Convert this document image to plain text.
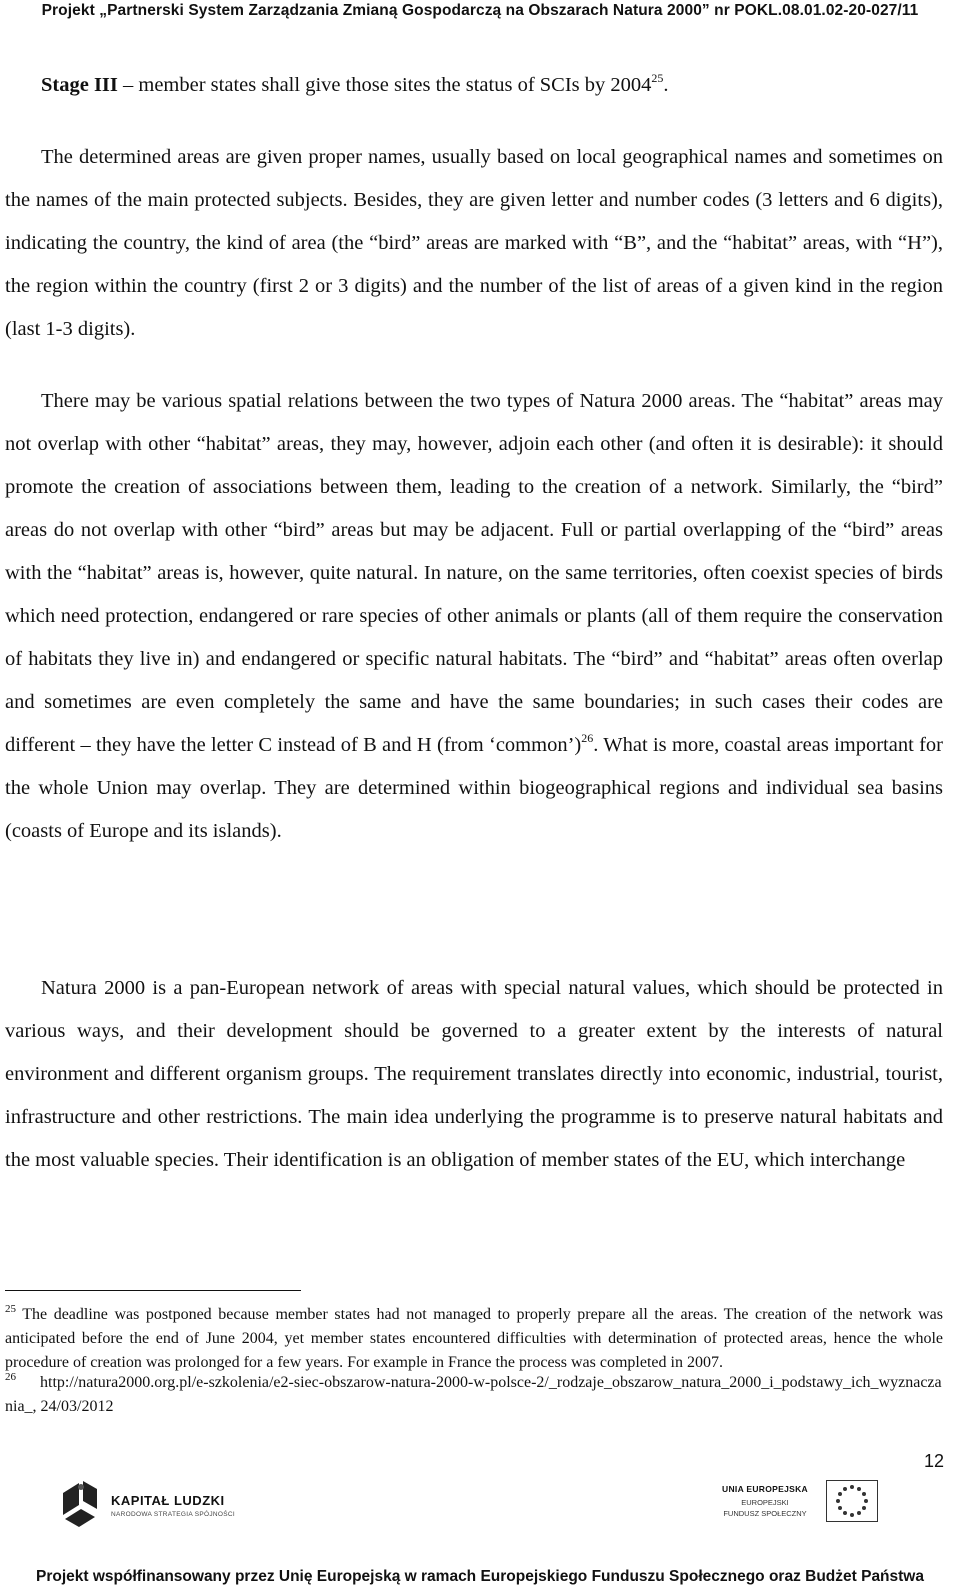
Projekt „Partnerski System Zarządzania Zmianą Gospodarczą na Obszarach Natura 2000” nr POKL.08.01.02-20-027/11

Stage III – member states shall give those sites the status of SCIs by 2004$^{25}$.

The determined areas are given proper names, usually based on local geographical names and sometimes on the names of the main protected subjects. Besides, they are given letter and number codes (3 letters and 6 digits), indicating the country, the kind of area (the “bird” areas are marked with “B”, and the “habitat” areas, with “H”), the region within the country (first 2 or 3 digits) and the number of the list of areas of a given kind in the region (last 1-3 digits).

There may be various spatial relations between the two types of Natura 2000 areas. The “habitat” areas may not overlap with other “habitat” areas, they may, however, adjoin each other (and often it is desirable): it should promote the creation of associations between them, leading to the creation of a network. Similarly, the “bird” areas do not overlap with other “bird” areas but may be adjacent. Full or partial overlapping of the “bird” areas with the “habitat” areas is, however, quite natural. In nature, on the same territories, often coexist species of birds which need protection, endangered or rare species of other animals or plants (all of them require the conservation of habitats they live in) and endangered or specific natural habitats. The “bird” and “habitat” areas often overlap and sometimes are even completely the same and have the same boundaries; in such cases their codes are different – they have the letter C instead of B and H (from ‘common’)$^{26}$. What is more, coastal areas important for the whole Union may overlap. They are determined within biogeographical regions and individual sea basins (coasts of Europe and its islands).

Natura 2000 is a pan-European network of areas with special natural values, which should be protected in various ways, and their development should be governed to a greater extent by the interests of natural environment and different organism groups. The requirement translates directly into economic, industrial, tourist, infrastructure and other restrictions. The main idea underlying the programme is to preserve natural habitats and the most valuable species. Their identification is an obligation of member states of the EU, which interchange

$^{25}$ The deadline was postponed because member states had not managed to properly prepare all the areas. The creation of the network was anticipated before the end of June 2004, yet member states encountered difficulties with determination of protected areas, hence the whole procedure of creation was prolonged for a few years. For example in France the process was completed in 2007.

$^{26}$      http://natura2000.org.pl/e-szkolenia/e2-siec-obszarow-natura-2000-w-polsce-2/_rodzaje_obszarow_natura_2000_i_podstawy_ich_wyznaczania_, 24/03/2012

12
KAPITAŁ LUDZKI
NARODOWA STRATEGIA SPÓJNOŚCI
UNIA EUROPEJSKA
EUROPEJSKI
FUNDUSZ SPOŁECZNY
Projekt współfinansowany przez Unię Europejską w ramach Europejskiego Funduszu Społecznego oraz Budżet Państwa
